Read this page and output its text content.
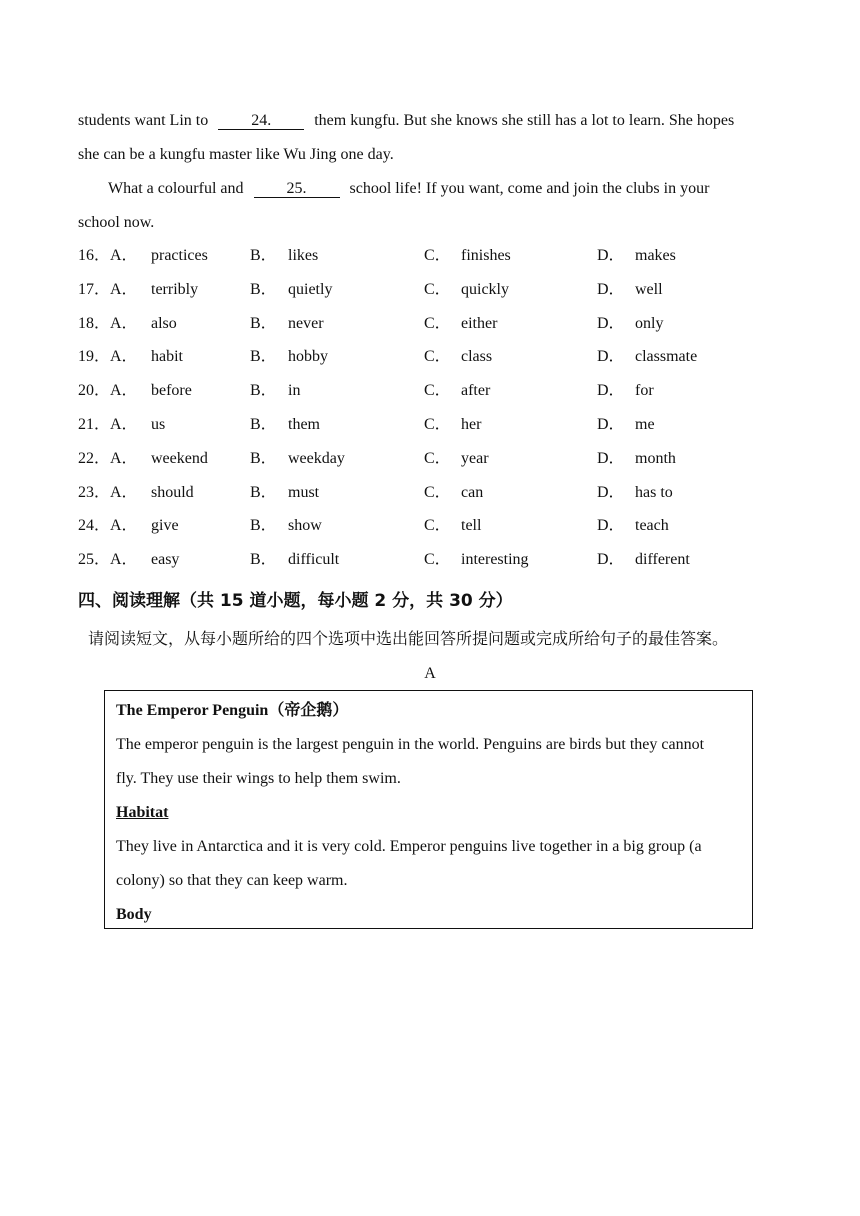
students want Lin to	24.	them kungfu. But she knows she still has a lot to learn. She hopes
she can be a kungfu master like Wu Jing one day.
What a colourful and	25.	school life! If you want, come and join the clubs in your
school now.
16．A． practices	B． likes	C． finishes	D． makes
17．A． terribly	B． quietly	C． quickly	D． well
18．A． also	B． never	C． either	D． only
19．A． habit	B． hobby	C． class	D． classmate
20．A． before	B． in	C． after	D． for
21．A． us	B． them	C． her	D． me
22．A． weekend	B． weekday	C． year	D． month
23．A． should	B． must	C． can	D． has to
24．A． give	B． show	C． tell	D． teach
25．A． easy	B． difficult	C． interesting	D． different
四、阅读理解（共 15 道小题，每小题 2 分，共 30 分）
请阅读短文，从每小题所给的四个选项中选出能回答所提问题或完成所给句子的最佳答案。
A
The Emperor Penguin（帝企鹅）
The emperor penguin is the largest penguin in the world. Penguins are birds but they cannot
fly. They use their wings to help them swim.
Habitat
They live in Antarctica and it is very cold. Emperor penguins live together in a big group (a
colony) so that they can keep warm.
Body
